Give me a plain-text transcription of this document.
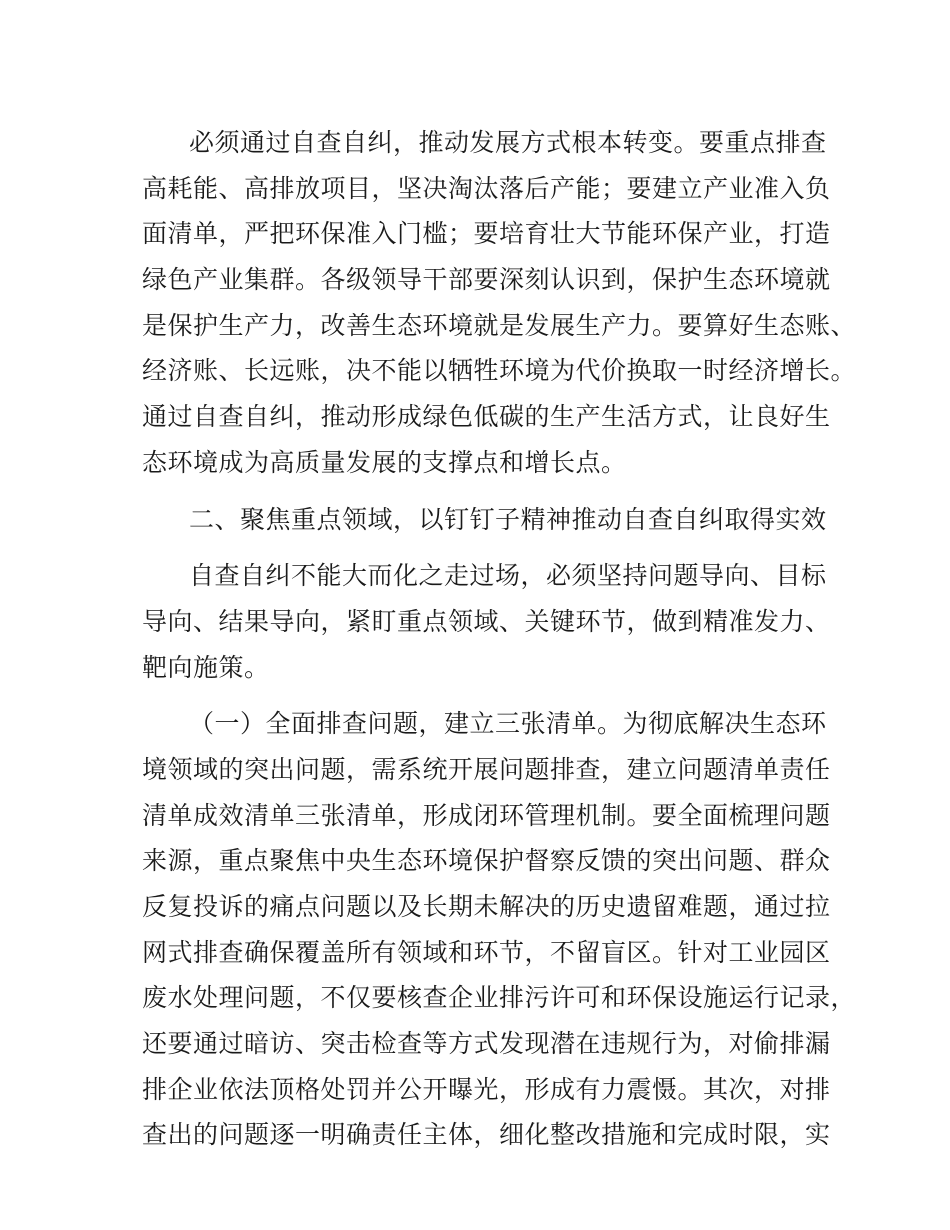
必须通过自查自纠，推动发展方式根本转变。要重点排查
高耗能、高排放项目，坚决淘汰落后产能；要建立产业准入负
面清单，严把环保准入门槛；要培育壮大节能环保产业，打造
绿色产业集群。各级领导干部要深刻认识到，保护生态环境就
是保护生产力，改善生态环境就是发展生产力。要算好生态账、
经济账、长远账，决不能以牺牲环境为代价换取一时经济增长。
通过自查自纠，推动形成绿色低碳的生产生活方式，让良好生
态环境成为高质量发展的支撑点和增长点。
二、聚焦重点领域，以钉钉子精神推动自查自纠取得实效
自查自纠不能大而化之走过场，必须坚持问题导向、目标
导向、结果导向，紧盯重点领域、关键环节，做到精准发力、
靶向施策。
（一）全面排查问题，建立三张清单。为彻底解决生态环
境领域的突出问题，需系统开展问题排查，建立问题清单责任
清单成效清单三张清单，形成闭环管理机制。要全面梳理问题
来源，重点聚焦中央生态环境保护督察反馈的突出问题、群众
反复投诉的痛点问题以及长期未解决的历史遗留难题，通过拉
网式排查确保覆盖所有领域和环节，不留盲区。针对工业园区
废水处理问题，不仅要核查企业排污许可和环保设施运行记录，
还要通过暗访、突击检查等方式发现潜在违规行为，对偷排漏
排企业依法顶格处罚并公开曝光，形成有力震慑。其次，对排
查出的问题逐一明确责任主体，细化整改措施和完成时限，实
